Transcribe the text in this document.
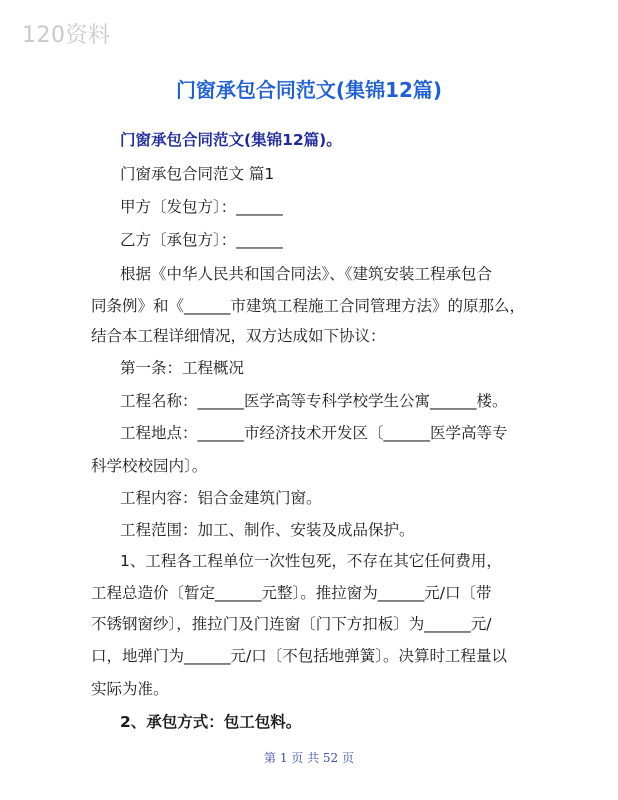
120资料
门窗承包合同范文(集锦12篇)
门窗承包合同范文(集锦12篇)。
门窗承包合同范文 篇1
甲方〔发包方〕：______
乙方〔承包方〕：______
根据《中华人民共和国合同法》、《建筑安装工程承包合
同条例》和《______市建筑工程施工合同管理方法》的原那么，
结合本工程详细情况，双方达成如下协议：
第一条：工程概况
工程名称：______医学高等专科学校学生公寓______楼。
工程地点：______市经济技术开发区〔______医学高等专
科学校校园内〕。
工程内容：铝合金建筑门窗。
工程范围：加工、制作、安装及成品保护。
1、工程各工程单位一次性包死，不存在其它任何费用，
工程总造价〔暂定______元整〕。推拉窗为______元/口〔带
不锈钢窗纱〕，推拉门及门连窗〔门下方扣板〕为______元/
口，地弹门为______元/口〔不包括地弹簧〕。决算时工程量以
实际为准。
2、承包方式：包工包料。
第 1 页 共 52 页
